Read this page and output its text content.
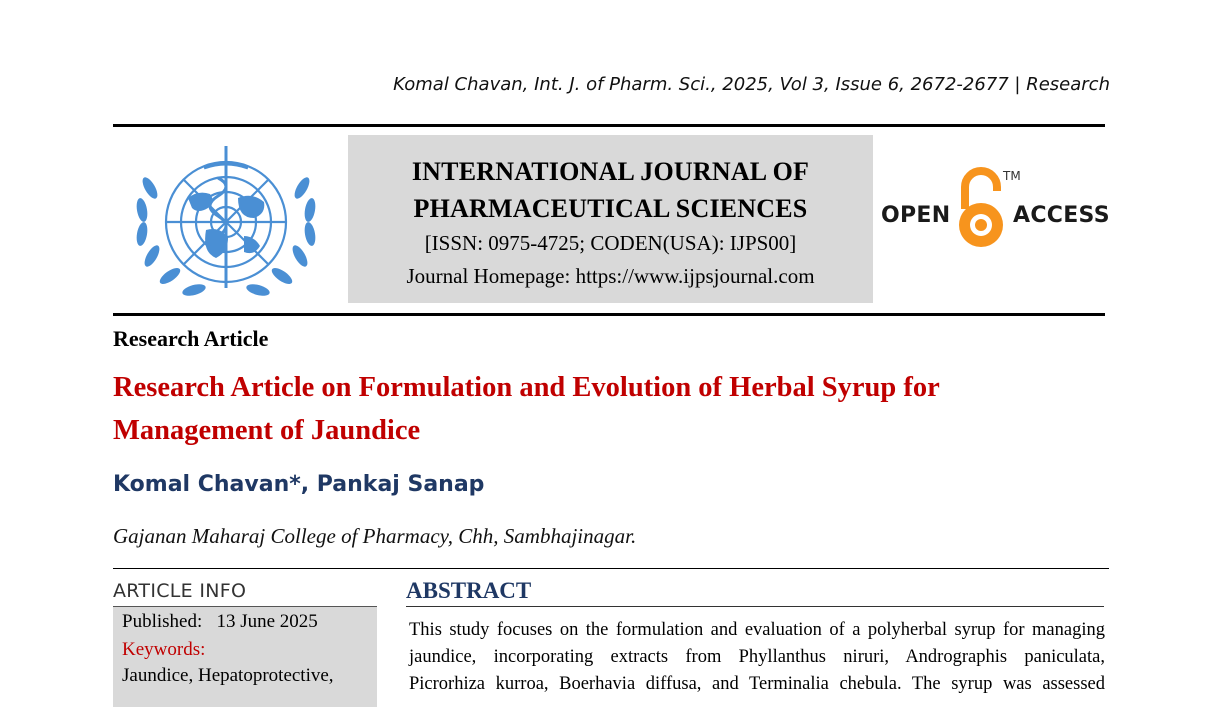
Komal Chavan, Int. J. of Pharm. Sci., 2025, Vol 3, Issue 6, 2672-2677 | Research
INTERNATIONAL JOURNAL OF
PHARMACEUTICAL SCIENCES
[ISSN: 0975-4725; CODEN(USA): IJPS00]
Journal Homepage: https://www.ijpsjournal.com
OPEN
TM
ACCESS
Research Article
Research Article on Formulation and Evolution of Herbal Syrup for Management of Jaundice
Komal Chavan*, Pankaj Sanap
Gajanan Maharaj College of Pharmacy, Chh, Sambhajinagar.
ARTICLE INFO
Published: 13 June 2025
Keywords:
Jaundice, Hepatoprotective,
ABSTRACT
This study focuses on the formulation and evaluation of a polyherbal syrup for managing
jaundice, incorporating extracts from Phyllanthus niruri, Andrographis paniculata,
Picrorhiza kurroa, Boerhavia diffusa, and Terminalia chebula. The syrup was assessed
